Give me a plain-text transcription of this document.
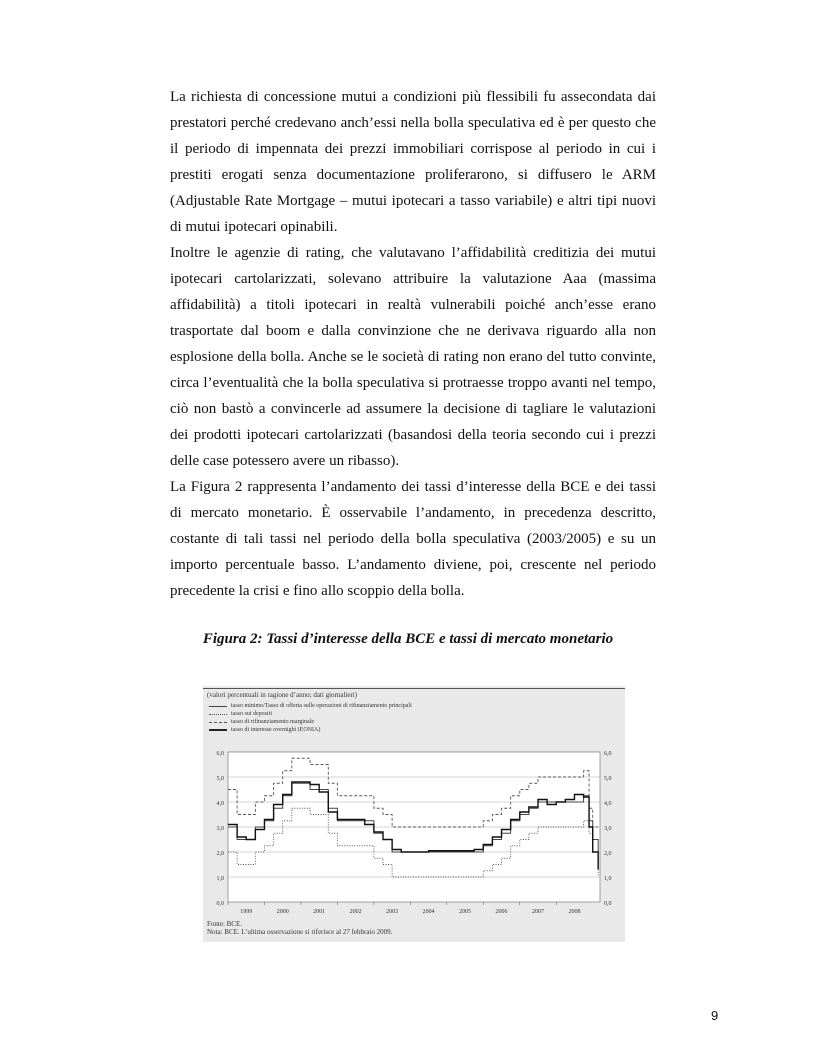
La richiesta di concessione mutui a condizioni più flessibili fu assecondata dai prestatori perché credevano anch’essi nella bolla speculativa ed è per questo che il periodo di impennata dei prezzi immobiliari corrispose al periodo in cui i prestiti erogati senza documentazione proliferarono, si diffusero le ARM (Adjustable Rate Mortgage – mutui ipotecari a tasso variabile) e altri tipi nuovi di mutui ipotecari opinabili.

Inoltre le agenzie di rating, che valutavano l’affidabilità creditizia dei mutui ipotecari cartolarizzati, solevano attribuire la valutazione Aaa (massima affidabilità) a titoli ipotecari in realtà vulnerabili poiché anch’esse erano trasportate dal boom e dalla convinzione che ne derivava riguardo alla non esplosione della bolla. Anche se le società di rating non erano del tutto convinte, circa l’eventualità che la bolla speculativa si protraesse troppo avanti nel tempo, ciò non bastò a convincerle ad assumere la decisione di tagliare le valutazioni dei prodotti ipotecari cartolarizzati (basandosi della teoria secondo cui i prezzi delle case potessero avere un ribasso).

La Figura 2 rappresenta l’andamento dei tassi d’interesse della BCE e dei tassi di mercato monetario. È osservabile l’andamento, in precedenza descritto, costante di tali tassi nel periodo della bolla speculativa (2003/2005) e su un importo percentuale basso. L’andamento diviene, poi, crescente nel periodo precedente la crisi e fino allo scoppio della bolla.

Figura 2: Tassi d’interesse della BCE e tassi di mercato monetario
(valori percentuali in ragione d’anno; dati giornalieri)
tasso minimo/Tasso di offerta sulle operazioni di rifinanziamento principali
tasso sui depositi
tasso di rifinanziamento marginale
tasso di interesse overnight (EONIA)
6,0
5,0
4,0
3,0
2,0
1,0
0,0
6,0
5,0
4,0
3,0
2,0
1,0
0,0
1999	2000	2001	2002	2003	2004	2005	2006	2007	2008
Fonte: BCE.
Nota: BCE. L’ultima osservazione si riferisce al 27 febbraio 2009.
9
